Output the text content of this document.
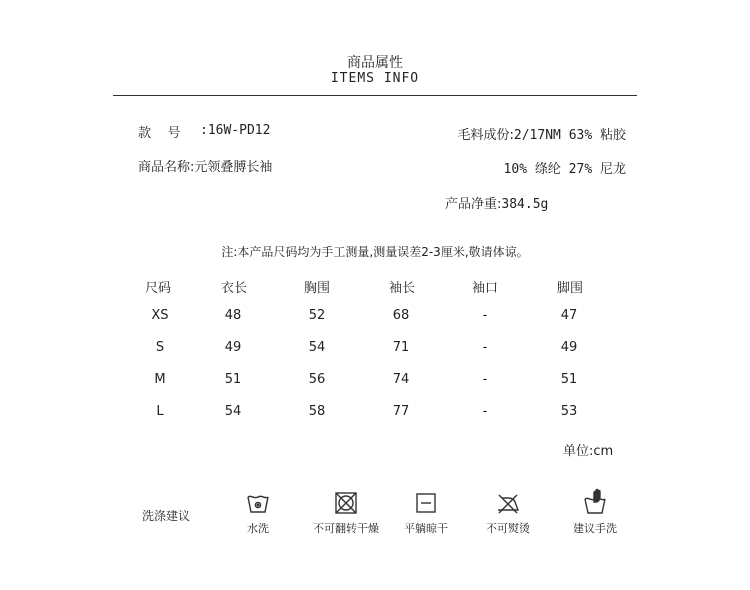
商品属性
ITEMS INFO
款    号 :16W-PD12
商品名称:元领叠膊长袖
毛料成份:2/17NM 63% 粘胶
10% 绦纶 27% 尼龙
产品净重:384.5g
注:本产品尺码均为手工测量,测量误差2-3厘米,敬请体谅。
尺码	衣长	胸围	袖长	袖口	脚围
XS	48	52	68	-	47
S	49	54	71	-	49
M	51	56	74	-	51
L	54	58	77	-	53
单位:cm
洗涤建议
水洗	不可翻转干燥	平躺晾干	不可熨烫	建议手洗
